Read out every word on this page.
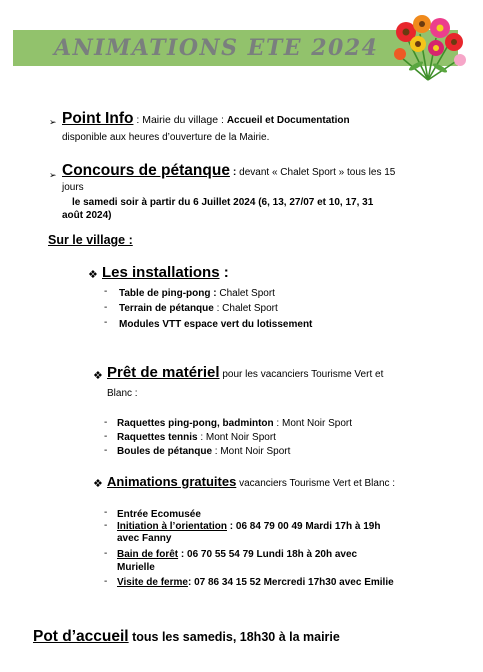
ANIMATIONS ETE 2024
➢ Point Info : Mairie du village : Accueil et Documentation
disponible aux heures d’ouverture de la Mairie.
➢ Concours de pétanque : devant « Chalet Sport » tous les 15
jours
le samedi soir à partir du 6 Juillet 2024 (6, 13, 27/07 et 10, 17, 31
août 2024)
Sur le village :
❖ Les installations :
- Table de ping-pong : Chalet Sport
- Terrain de pétanque : Chalet Sport
- Modules VTT espace vert du lotissement
❖ Prêt de matériel pour les vacanciers Tourisme Vert et
Blanc :
- Raquettes ping-pong, badminton : Mont Noir Sport
- Raquettes tennis : Mont Noir Sport
- Boules de pétanque : Mont Noir Sport
❖ Animations gratuites vacanciers Tourisme Vert et Blanc :
- Entrée Ecomusée
- Initiation à l’orientation : 06 84 79 00 49 Mardi 17h à 19h
avec Fanny
- Bain de forêt : 06 70 55 54 79 Lundi 18h à 20h avec
Murielle
- Visite de ferme: 07 86 34 15 52 Mercredi 17h30 avec Emilie
Pot d’accueil tous les samedis, 18h30 à la mairie
